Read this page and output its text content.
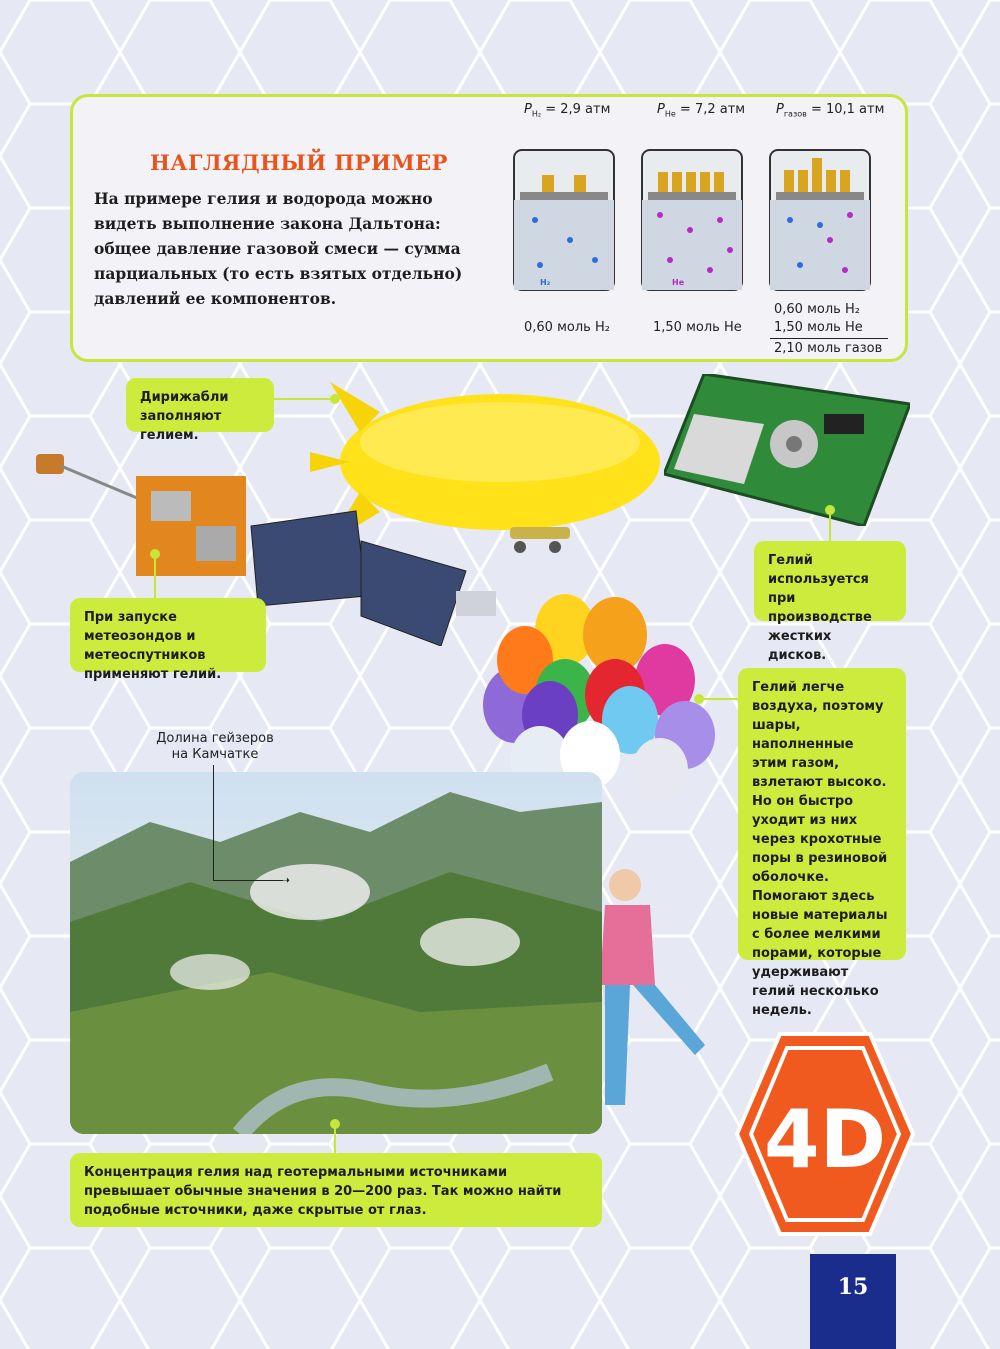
НАГЛЯДНЫЙ ПРИМЕР
На примере гелия и водорода можно видеть выполнение закона Дальтона: общее давление газовой смеси — сумма парциальных (то есть взятых отдельно) давлений ее компонентов.
$P_{H_2} = 2,9$ атм	$P_{He} = 7,2$ атм $P_{газов} = 10,1$ атм
H₂	He
0,60 моль H₂	1,50 моль He
0,60 моль H₂
1,50 моль He
2,10 моль газов
Дирижабли заполняют гелием.
При запуске метеозондов и метеоспутников применяют гелий.
Гелий используется при производстве жестких дисков.
Гелий легче воздуха, поэтому шары, наполненные этим газом, взлетают высоко. Но он быстро уходит из них через крохотные поры в резиновой оболочке. Помогают здесь новые материалы с более мелкими порами, которые удерживают гелий несколько недель.
Долина гейзеров
на Камчатке
➝
Концентрация гелия над геотермальными источниками превышает обычные значения в 20—200 раз. Так можно найти подобные источники, даже скрытые от глаз.
4D
15
